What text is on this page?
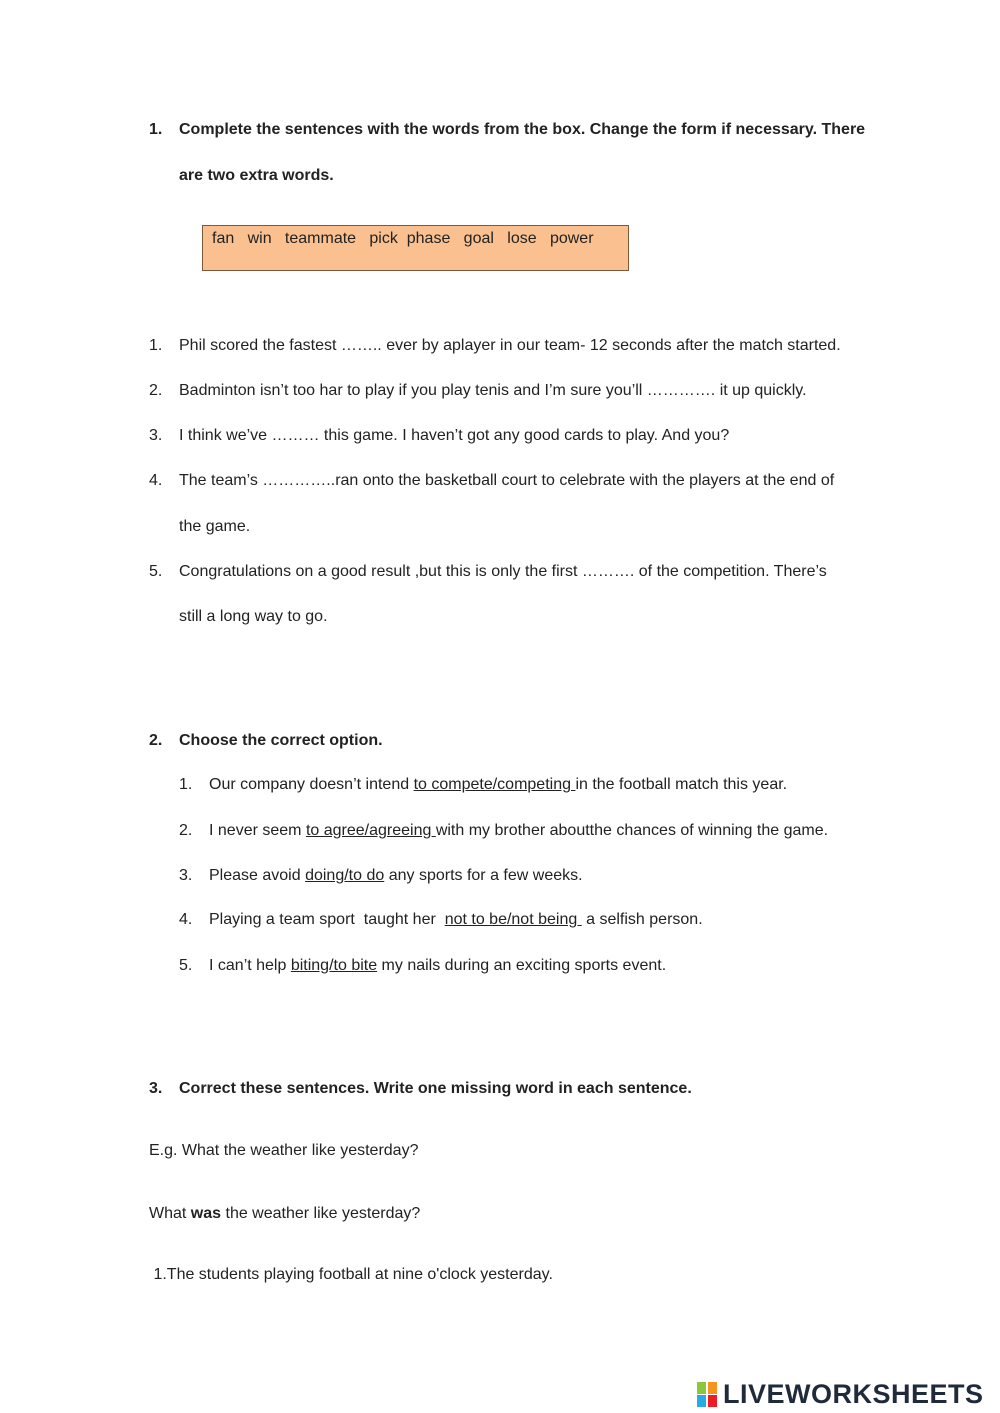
1. Complete the sentences with the words from the box. Change the form if necessary. There
are two extra words.
fan   win   teammate   pick  phase   goal   lose   power
1. Phil scored the fastest …….. ever by aplayer in our team- 12 seconds after the match started.
2. Badminton isn’t too har to play if you play tenis and I’m sure you’ll …………. it up quickly.
3. I think we’ve ……… this game. I haven’t got any good cards to play. And you?
4. The team’s …………..ran onto the basketball court to celebrate with the players at the end of
the game.
5. Congratulations on a good result ,but this is only the first ………. of the competition. There’s
still a long way to go.
2. Choose the correct option.
1. Our company doesn’t intend to compete/competing in the football match this year.
2. I never seem to agree/agreeing with my brother aboutthe chances of winning the game.
3. Please avoid doing/to do any sports for a few weeks.
4. Playing a team sport  taught her  not to be/not being  a selfish person.
5. I can’t help biting/to bite my nails during an exciting sports event.
3. Correct these sentences. Write one missing word in each sentence.
E.g. What the weather like yesterday?
What was the weather like yesterday?
1.The students playing football at nine o'clock yesterday.
LIVEWORKSHEETS
